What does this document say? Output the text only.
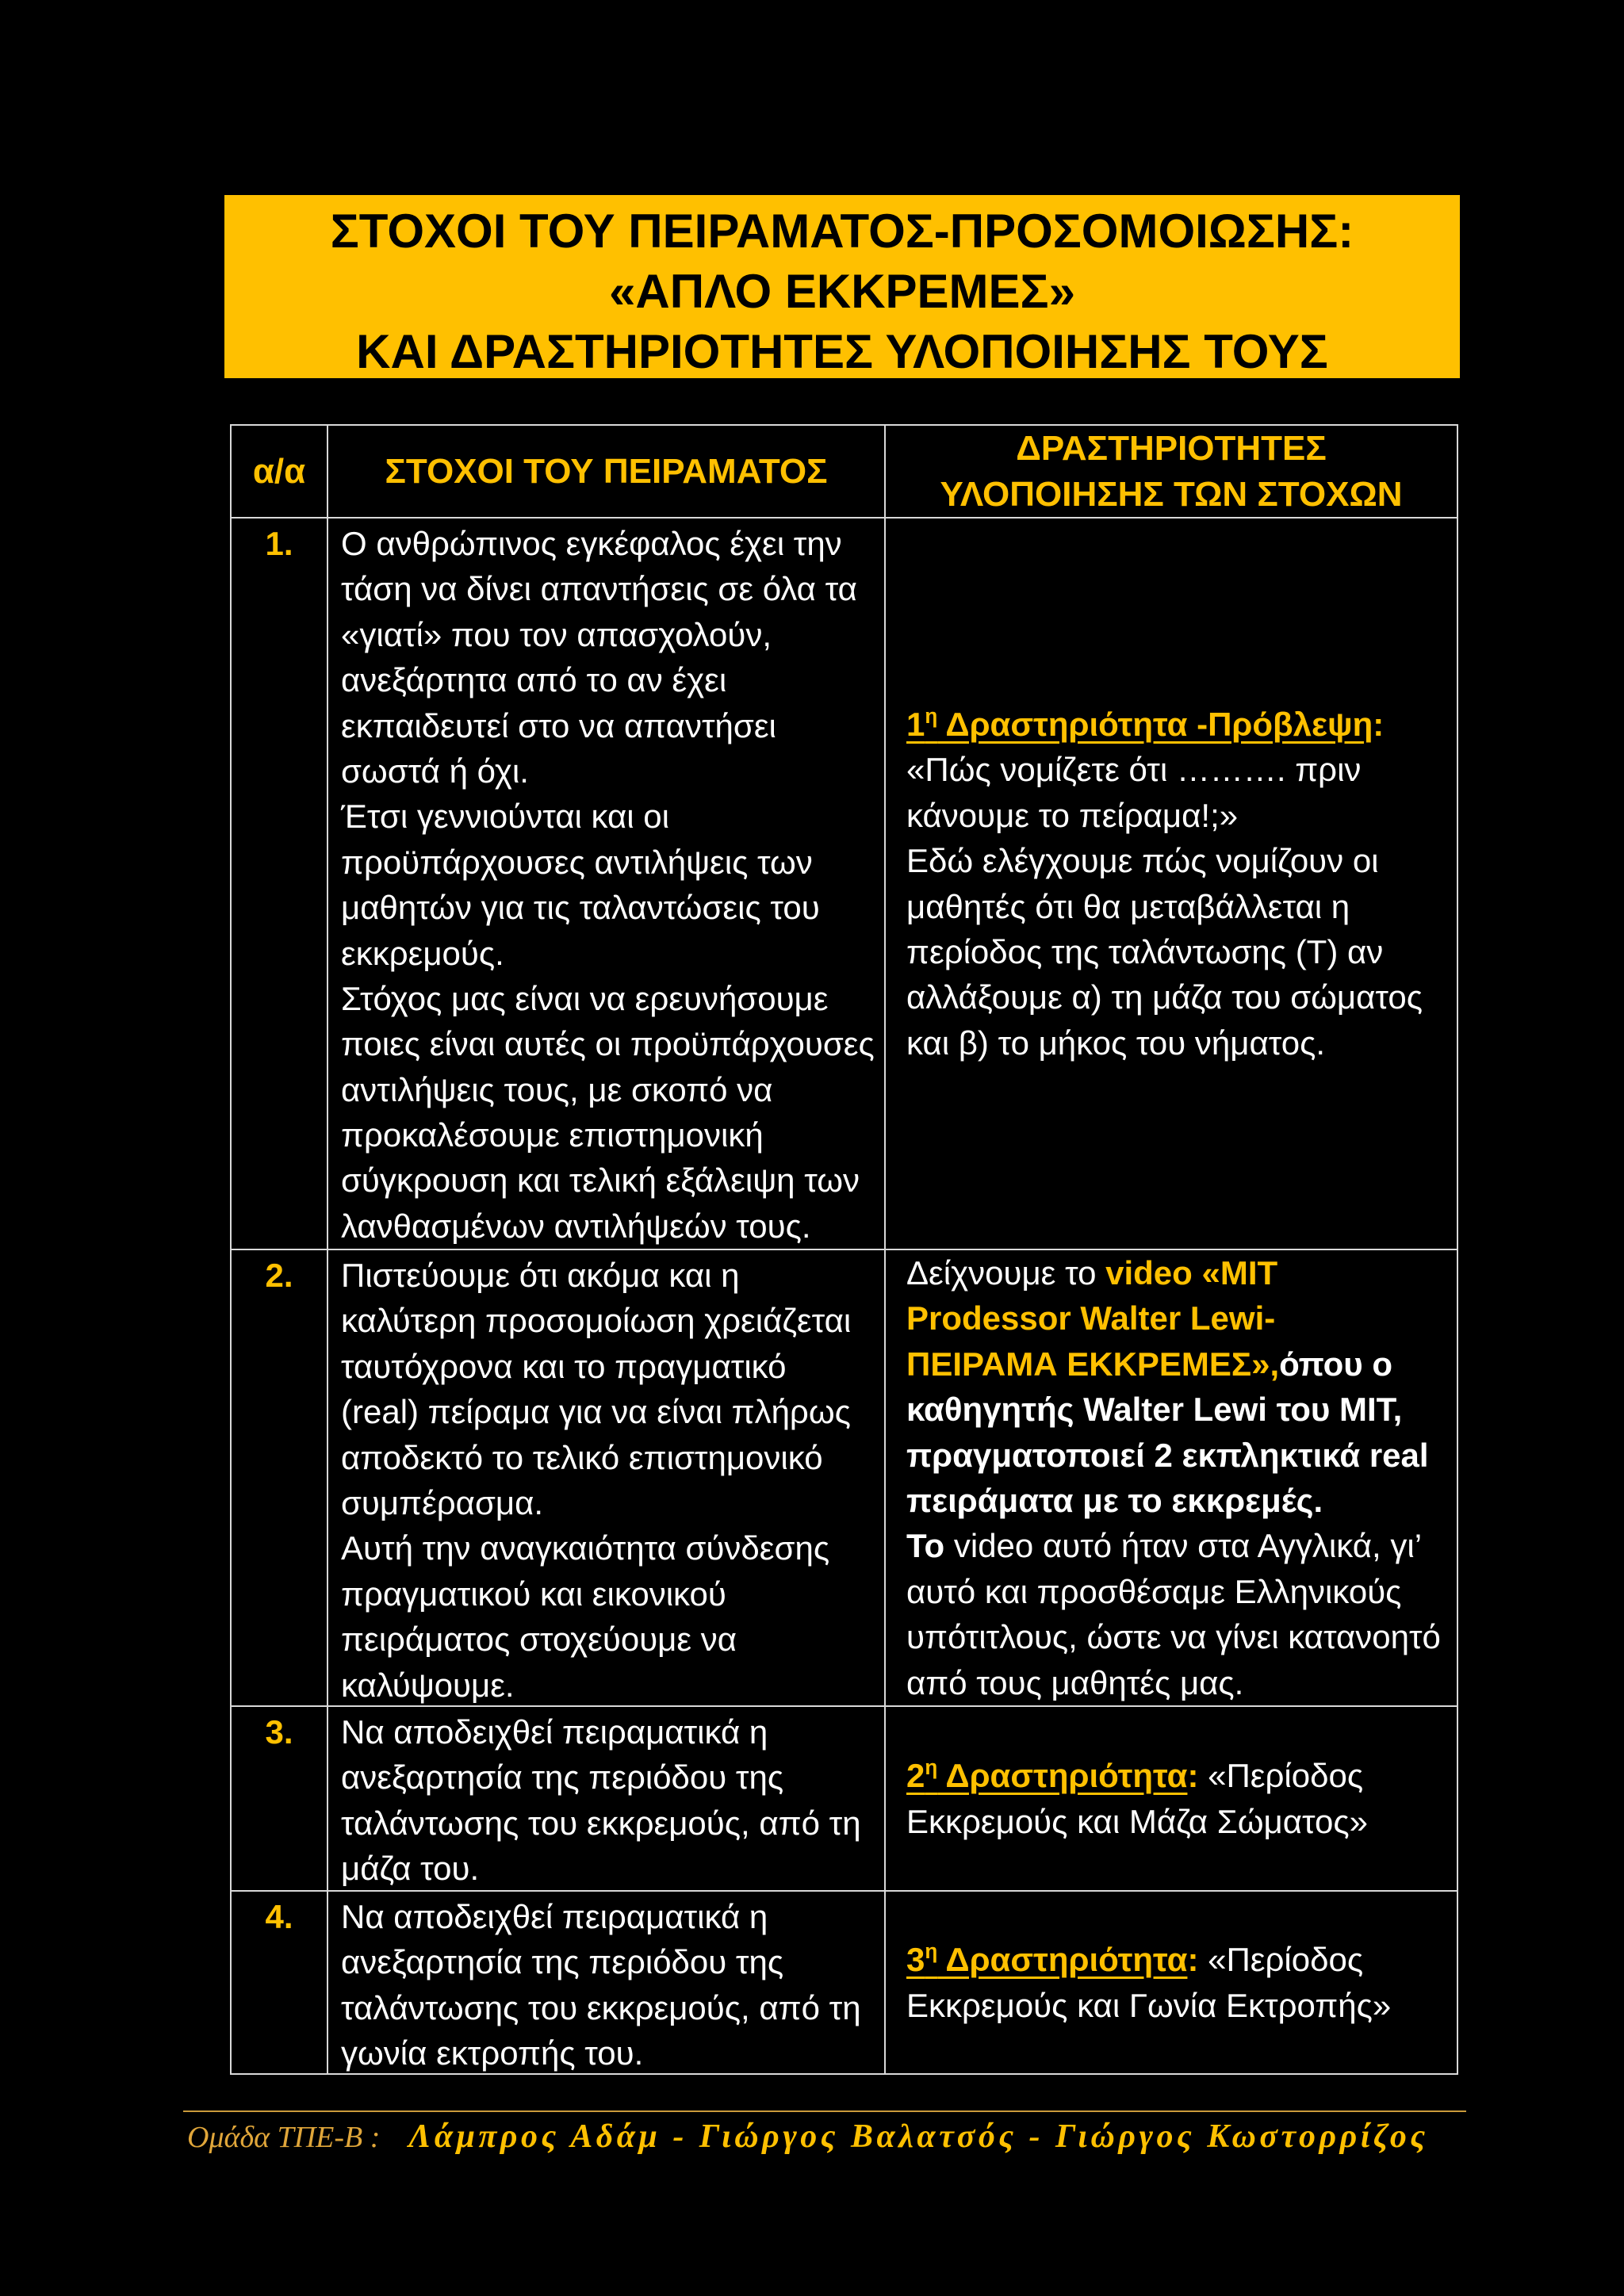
ΣΤΟΧΟΙ ΤΟΥ ΠΕΙΡΑΜΑΤΟΣ-ΠΡΟΣΟΜΟΙΩΣΗΣ:
«ΑΠΛΟ ΕΚΚΡΕΜΕΣ»
ΚΑΙ ΔΡΑΣΤΗΡΙΟΤΗΤΕΣ ΥΛΟΠΟΙΗΣΗΣ ΤΟΥΣ
α/α ΣΤΟΧΟΙ ΤΟΥ ΠΕΙΡΑΜΑΤΟΣ
ΔΡΑΣΤΗΡΙΟΤΗΤΕΣ
ΥΛΟΠΟΙΗΣΗΣ ΤΩΝ ΣΤΟΧΩΝ
1. Ο ανθρώπινος εγκέφαλος έχει την
τάση να δίνει απαντήσεις σε όλα τα
«γιατί» που τον απασχολούν,
ανεξάρτητα από το αν έχει
εκπαιδευτεί στο να απαντήσει
σωστά ή όχι.
Έτσι γεννιούνται και οι
προϋπάρχουσες αντιλήψεις των
μαθητών για τις ταλαντώσεις του
εκκρεμούς.
Στόχος μας είναι να ερευνήσουμε
ποιες είναι αυτές οι προϋπάρχουσες
αντιλήψεις τους, με σκοπό να
προκαλέσουμε επιστημονική
σύγκρουση και τελική εξάλειψη των
λανθασμένων αντιλήψεών τους.
$1^\eta$ Δραστηριότητα -Πρόβλεψη:
«Πώς νομίζετε ότι ………. πριν
κάνουμε το πείραμα!;»
Εδώ ελέγχουμε πώς νομίζουν οι
μαθητές ότι θα μεταβάλλεται η
περίοδος της ταλάντωσης (Τ) αν
αλλάξουμε α) τη μάζα του σώματος
και β) το μήκος του νήματος.
2. Πιστεύουμε ότι ακόμα και η
καλύτερη προσομοίωση χρειάζεται
ταυτόχρονα και το πραγματικό
(real) πείραμα για να είναι πλήρως
αποδεκτό το τελικό επιστημονικό
συμπέρασμα.
Αυτή την αναγκαιότητα σύνδεσης
πραγματικού και εικονικού
πειράματος στοχεύουμε να
καλύψουμε.
Δείχνουμε το video «MIT
Prodessor Walter Lewi-
ΠΕΙΡΑΜΑ ΕΚΚΡΕΜΕΣ»,όπου ο
καθηγητής Walter Lewi του MIT,
πραγματοποιεί 2 εκπληκτικά real
πειράματα με το εκκρεμές.
Το video αυτό ήταν στα Αγγλικά, γι’
αυτό και προσθέσαμε Ελληνικούς
υπότιτλους, ώστε να γίνει κατανοητό
από τους μαθητές μας.
3. Να αποδειχθεί πειραματικά η
ανεξαρτησία της περιόδου της
ταλάντωσης του εκκρεμούς, από τη
μάζα του.
$2^\eta$ Δραστηριότητα: «Περίοδος
Εκκρεμούς και Μάζα Σώματος»
4. Να αποδειχθεί πειραματικά η
ανεξαρτησία της περιόδου της
ταλάντωσης του εκκρεμούς, από τη
γωνία εκτροπής του.
$3^\eta$ Δραστηριότητα: «Περίοδος
Εκκρεμούς και Γωνία Εκτροπής»
Ομάδα ΤΠΕ-Β : Λάμπρος Αδάμ - Γιώργος Βαλατσός - Γιώργος Κωστορρίζος
